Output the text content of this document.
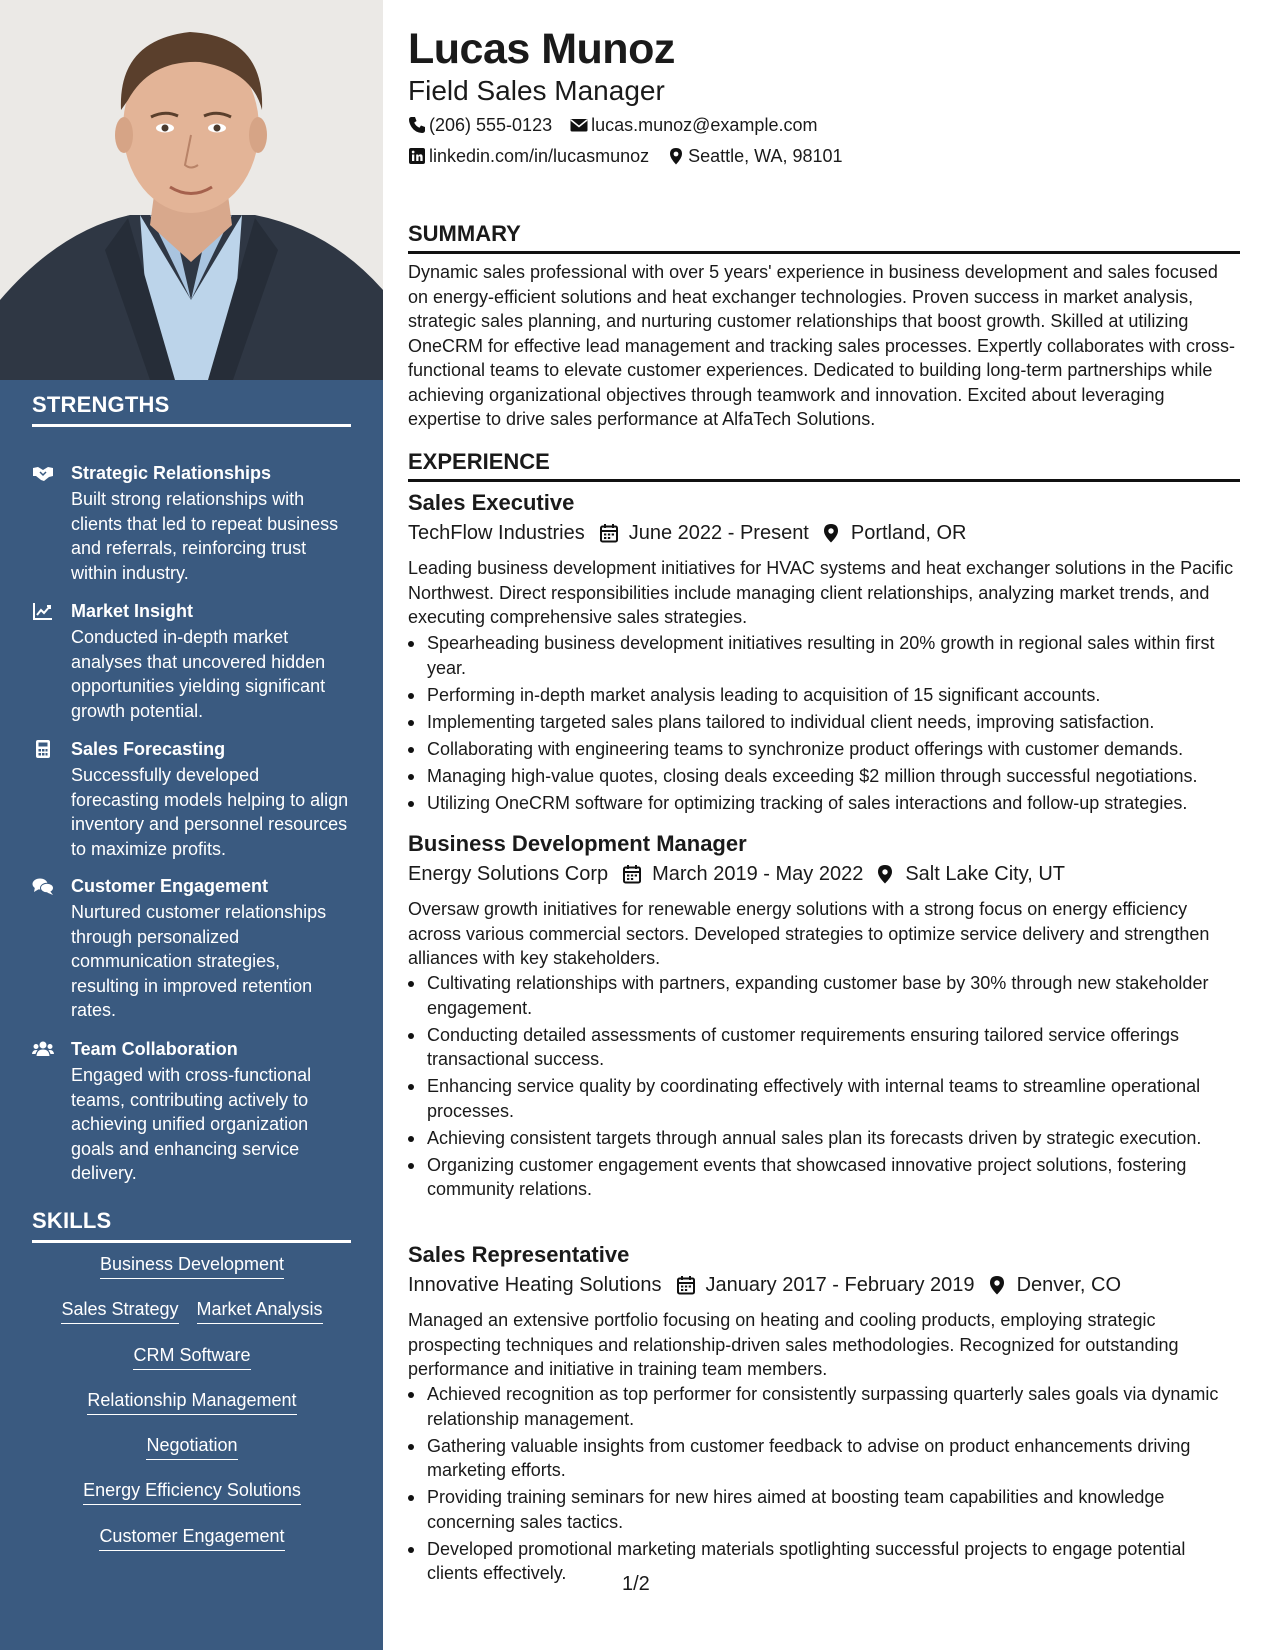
STRENGTHS
Strategic Relationships
Built strong relationships with clients that led to repeat business and referrals, reinforcing trust within industry.
Market Insight
Conducted in-depth market analyses that uncovered hidden opportunities yielding significant growth potential.
Sales Forecasting
Successfully developed forecasting models helping to align inventory and personnel resources to maximize profits.
Customer Engagement
Nurtured customer relationships through personalized communication strategies, resulting in improved retention rates.
Team Collaboration
Engaged with cross-functional teams, contributing actively to achieving unified organization goals and enhancing service delivery.
SKILLS
Business Development
Sales Strategy Market Analysis
CRM Software
Relationship Management
Negotiation
Energy Efficiency Solutions
Customer Engagement
Lucas Munoz
Field Sales Manager
(206) 555-0123 lucas.munoz@example.com
linkedin.com/in/lucasmunoz Seattle, WA, 98101
SUMMARY

Dynamic sales professional with over 5 years' experience in business development and sales focused on energy-efficient solutions and heat exchanger technologies. Proven success in market analysis, strategic sales planning, and nurturing customer relationships that boost growth. Skilled at utilizing OneCRM for effective lead management and tracking sales processes. Expertly collaborates with cross-functional teams to elevate customer experiences. Dedicated to building long-term partnerships while achieving organizational objectives through teamwork and innovation. Excited about leveraging expertise to drive sales performance at AlfaTech Solutions.

EXPERIENCE
Sales Executive
TechFlow Industries June 2022 - Present Portland, OR

Leading business development initiatives for HVAC systems and heat exchanger solutions in the Pacific Northwest. Direct responsibilities include managing client relationships, analyzing market trends, and executing comprehensive sales strategies.

Spearheading business development initiatives resulting in 20% growth in regional sales within first year.
Performing in-depth market analysis leading to acquisition of 15 significant accounts.
Implementing targeted sales plans tailored to individual client needs, improving satisfaction.
Collaborating with engineering teams to synchronize product offerings with customer demands.
Managing high-value quotes, closing deals exceeding $2 million through successful negotiations.
Utilizing OneCRM software for optimizing tracking of sales interactions and follow-up strategies.
Business Development Manager
Energy Solutions Corp March 2019 - May 2022 Salt Lake City, UT

Oversaw growth initiatives for renewable energy solutions with a strong focus on energy efficiency across various commercial sectors. Developed strategies to optimize service delivery and strengthen alliances with key stakeholders.

Cultivating relationships with partners, expanding customer base by 30% through new stakeholder engagement.
Conducting detailed assessments of customer requirements ensuring tailored service offerings transactional success.
Enhancing service quality by coordinating effectively with internal teams to streamline operational processes.
Achieving consistent targets through annual sales plan its forecasts driven by strategic execution.
Organizing customer engagement events that showcased innovative project solutions, fostering community relations.
Sales Representative
Innovative Heating Solutions January 2017 - February 2019 Denver, CO

Managed an extensive portfolio focusing on heating and cooling products, employing strategic prospecting techniques and relationship-driven sales methodologies. Recognized for outstanding performance and initiative in training team members.

Achieved recognition as top performer for consistently surpassing quarterly sales goals via dynamic relationship management.
Gathering valuable insights from customer feedback to advise on product enhancements driving marketing efforts.
Providing training seminars for new hires aimed at boosting team capabilities and knowledge concerning sales tactics.
Developed promotional marketing materials spotlighting successful projects to engage potential clients effectively.	1/2
